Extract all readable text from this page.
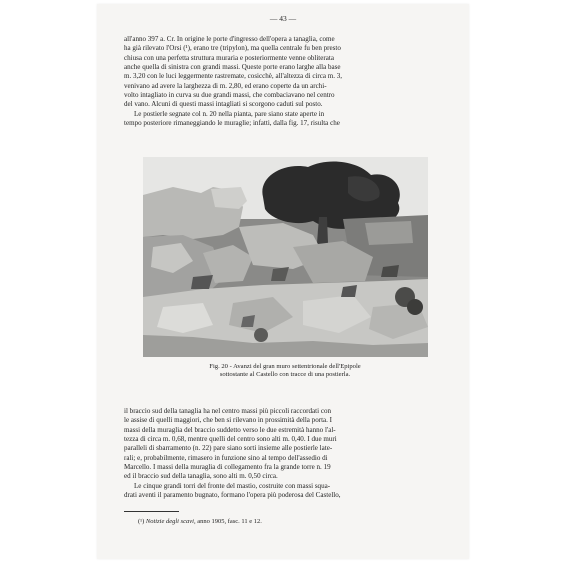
— 43 —

all'anno 397 a. Cr. In origine le porte d'ingresso dell'opera a tanaglia, come

ha già rilevato l'Orsi (¹), erano tre (tripylon), ma quella centrale fu ben presto

chiusa con una perfetta struttura muraria e posteriormente venne obliterata

anche quella di sinistra con grandi massi. Queste porte erano larghe alla base

m. 3,20 con le luci leggermente rastremate, cosicchè, all'altezza di circa m. 3,

venivano ad avere la larghezza di m. 2,80, ed erano coperte da un archi-

volto intagliato in curva su due grandi massi, che combaciavano nel centro

del vano. Alcuni di questi massi intagliati si scorgono caduti sul posto.

Le postierle segnate col n. 20 nella pianta, pare siano state aperte in

tempo posteriore rimaneggiando le muraglie; infatti, dalla fig. 17, risulta che

Fig. 20 - Avanzi del gran muro settentrionale dell'Epipole
sottostante al Castello con tracce di una postierla.

il braccio sud della tanaglia ha nel centro massi più piccoli raccordati con

le assise di quelli maggiori, che ben si rilevano in prossimità della porta. I

massi della muraglia del braccio suddetto verso le due estremità hanno l'al-

tezza di circa m. 0,68, mentre quelli del centro sono alti m. 0,40. I due muri

paralleli di sbarramento (n. 22) pare siano sorti insieme alle postierle late-

rali; e, probabilmente, rimasero in funzione sino al tempo dell'assedio di

Marcello. I massi della muraglia di collegamento fra la grande torre n. 19

ed il braccio sud della tanaglia, sono alti m. 0,50 circa.

Le cinque grandi torri del fronte del mastio, costruite con massi squa-

drati aventi il paramento bugnato, formano l'opera più poderosa del Castello,

(¹) Notizie degli scavi, anno 1905, fasc. 11 e 12.
